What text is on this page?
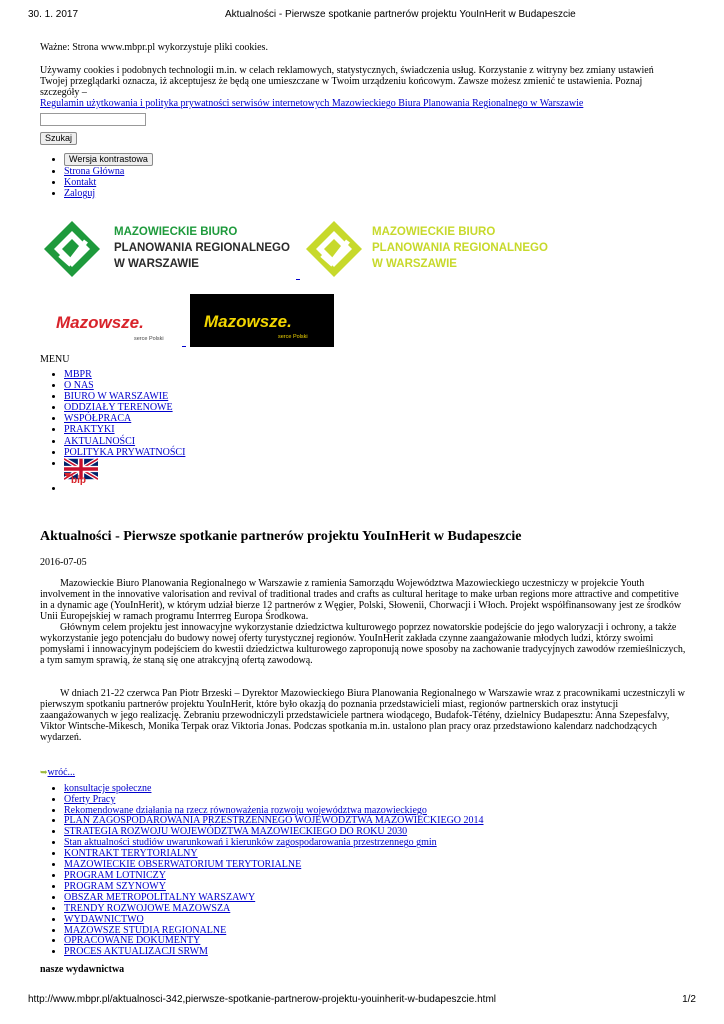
30. 1. 2017	Aktualności - Pierwsze spotkanie partnerów projektu YouInHerit w Budapeszcie

Ważne: Strona www.mbpr.pl wykorzystuje pliki cookies.

Używamy cookies i podobnych technologii m.in. w celach reklamowych, statystycznych, świadczenia usług. Korzystanie z witryny bez zmiany ustawień Twojej przeglądarki oznacza, iż akceptujesz że będą one umieszczane w Twoim urządzeniu końcowym. Zawsze możesz zmienić te ustawienia. Poznaj szczegóły –
Regulamin użytkowania i polityka prywatności serwisów internetowych Mazowieckiego Biura Planowania Regionalnego w Warszawie

Szukaj
• Wersja kontrastowa
• Strona Główna
• Kontakt
• Zaloguj
MAZOWIECKIE BIURO
PLANOWANIA REGIONALNEGO
W WARSZAWIE
MAZOWIECKIE BIURO
PLANOWANIA REGIONALNEGO
W WARSZAWIE
Mazowsze.
serce Polski
Mazowsze.
serce Polski

MENU

• MBPR
• O NAS
• BIURO W WARSZAWIE
• ODDZIAŁY TERENOWE
• WSPÓŁPRACA
• PRAKTYKI
• AKTUALNOŚCI
• POLITYKA PRYWATNOŚCI
•
• bip
Aktualności - Pierwsze spotkanie partnerów projektu YouInHerit w Budapeszcie

2016-07-05

Mazowieckie Biuro Planowania Regionalnego w Warszawie z ramienia Samorządu Województwa Mazowieckiego uczestniczy w projekcie Youth involvement in the innovative valorisation and revival of traditional trades and crafts as cultural heritage to make urban regions more attractive and competitive in a dynamic age (YouInHerit), w którym udział bierze 12 partnerów z Węgier, Polski, Słowenii, Chorwacji i Włoch. Projekt współfinansowany jest ze środków Unii Europejskiej w ramach programu Interrreg Europa Środkowa.

Głównym celem projektu jest innowacyjne wykorzystanie dziedzictwa kulturowego poprzez nowatorskie podejście do jego waloryzacji i ochrony, a także wykorzystanie jego potencjału do budowy nowej oferty turystycznej regionów. YouInHerit zakłada czynne zaangażowanie młodych ludzi, którzy swoimi pomysłami i innowacyjnym podejściem do kwestii dziedzictwa kulturowego zaproponują nowe sposoby na zachowanie tradycyjnych zawodów rzemieślniczych, a tym samym sprawią, że staną się one atrakcyjną ofertą zawodową.

W dniach 21-22 czerwca Pan Piotr Brzeski – Dyrektor Mazowieckiego Biura Planowania Regionalnego w Warszawie wraz z pracownikami uczestniczyli w pierwszym spotkaniu partnerów projektu YouInHerit, które było okazją do poznania przedstawicieli miast, regionów partnerskich oraz instytucji zaangażowanych w jego realizację. Zebraniu przewodniczyli przedstawiciele partnera wiodącego, Budafok-Tétény, dzielnicy Budapesztu: Anna Szepesfalvy, Viktor Wintsche-Mikesch, Monika Terpak oraz Viktoria Jonas. Podczas spotkania m.in. ustalono plan pracy oraz przedstawiono kalendarz nadchodzących wydarzeń.

➥wróć...

• konsultacje społeczne
• Oferty Pracy
• Rekomendowane działania na rzecz równoważenia rozwoju województwa mazowieckiego
• PLAN ZAGOSPODAROWANIA PRZESTRZENNEGO WOJEWÓDZTWA MAZOWIECKIEGO 2014
• STRATEGIA ROZWOJU WOJEWÓDZTWA MAZOWIECKIEGO DO ROKU 2030
• Stan aktualności studiów uwarunkowań i kierunków zagospodarowania przestrzennego gmin
• KONTRAKT TERYTORIALNY
• MAZOWIECKIE OBSERWATORIUM TERYTORIALNE
• PROGRAM LOTNICZY
• PROGRAM SZYNOWY
• OBSZAR METROPOLITALNY WARSZAWY
• TRENDY ROZWOJOWE MAZOWSZA
• WYDAWNICTWO
• MAZOWSZE STUDIA REGIONALNE
• OPRACOWANE DOKUMENTY
• PROCES AKTUALIZACJI SRWM

nasze wydawnictwa

http://www.mbpr.pl/aktualnosci-342,pierwsze-spotkanie-partnerow-projektu-youinherit-w-budapeszcie.html	1/2
